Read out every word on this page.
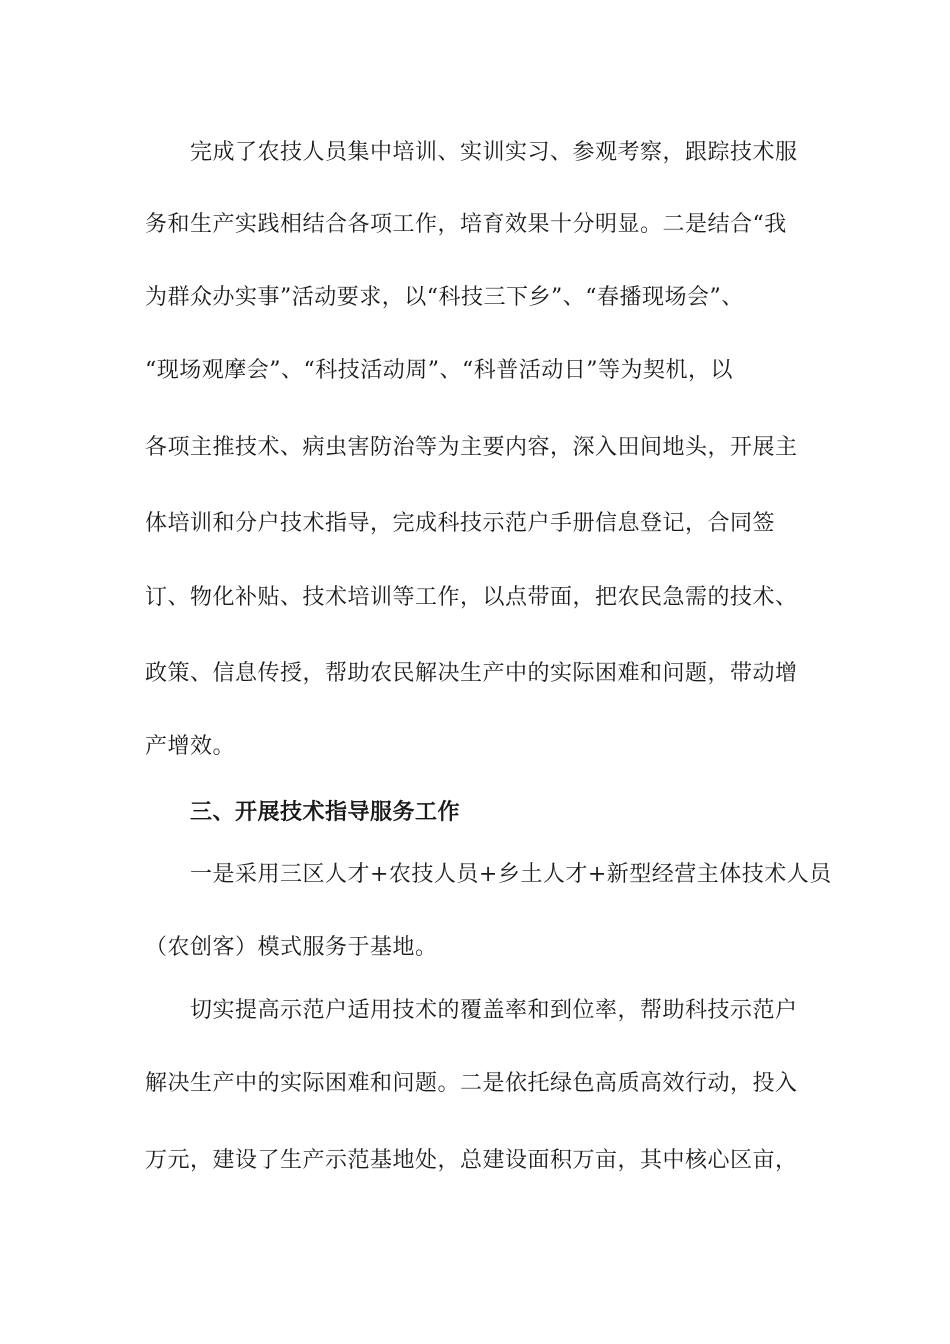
完成了农技人员集中培训、实训实习、参观考察，跟踪技术服
务和生产实践相结合各项工作，培育效果十分明显。二是结合“我
为群众办实事”活动要求，以“科技三下乡”、“春播现场会”、
“现场观摩会”、“科技活动周”、“科普活动日”等为契机，以
各项主推技术、病虫害防治等为主要内容，深入田间地头，开展主
体培训和分户技术指导，完成科技示范户手册信息登记，合同签
订、物化补贴、技术培训等工作，以点带面，把农民急需的技术、
政策、信息传授，帮助农民解决生产中的实际困难和问题，带动增
产增效。
三、开展技术指导服务工作
一是采用三区人才+农技人员+乡土人才+新型经营主体技术人员
（农创客）模式服务于基地。
切实提高示范户适用技术的覆盖率和到位率，帮助科技示范户
解决生产中的实际困难和问题。二是依托绿色高质高效行动，投入
万元，建设了生产示范基地处，总建设面积万亩，其中核心区亩，
